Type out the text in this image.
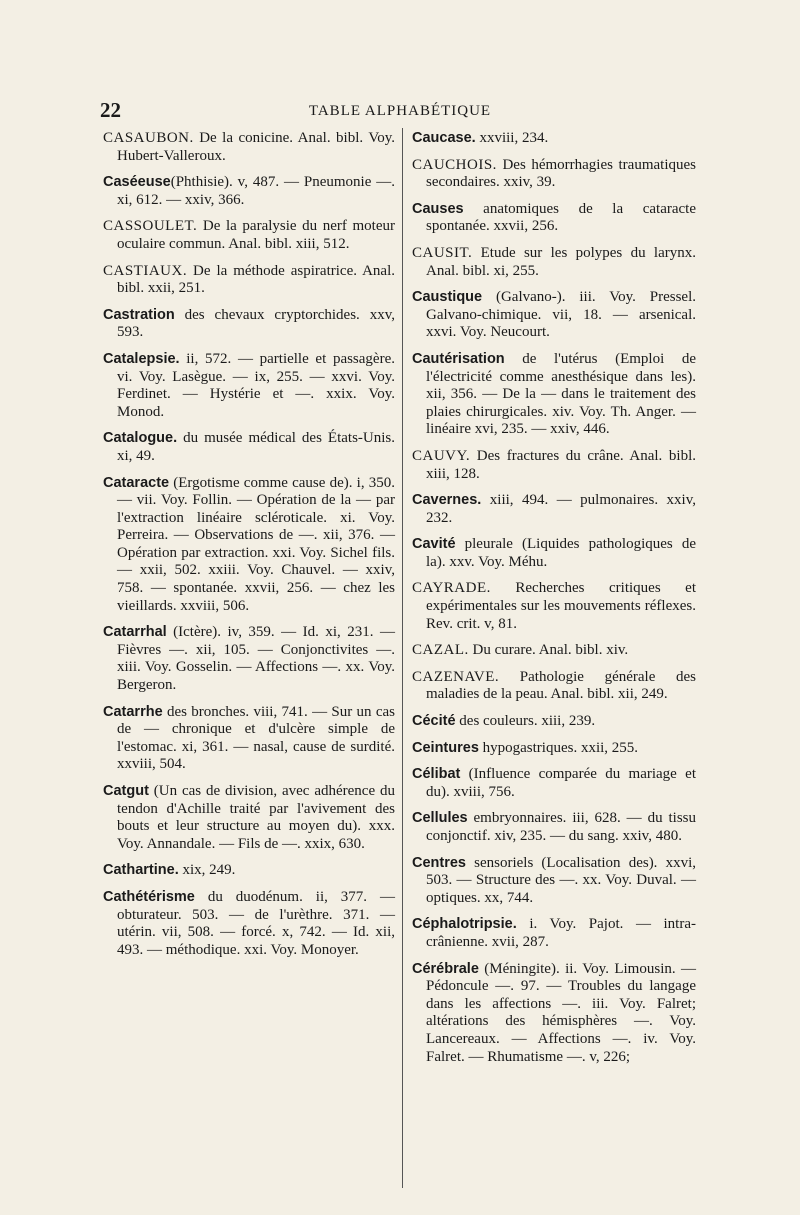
22	TABLE ALPHABÉTIQUE

CASAUBON. De la conicine. Anal. bibl. Voy. Hubert-Valleroux.

Caséeuse(Phthisie). v, 487. — Pneumonie —. xi, 612. — xxiv, 366.

CASSOULET. De la paralysie du nerf moteur oculaire commun. Anal. bibl. xiii, 512.

CASTIAUX. De la méthode aspiratrice. Anal. bibl. xxii, 251.

Castration des chevaux cryptorchides. xxv, 593.

Catalepsie. ii, 572. — partielle et passagère. vi. Voy. Lasègue. — ix, 255. — xxvi. Voy. Ferdinet. — Hystérie et —. xxix. Voy. Monod.

Catalogue. du musée médical des États-Unis. xi, 49.

Cataracte (Ergotisme comme cause de). i, 350. — vii. Voy. Follin. — Opération de la — par l'extraction linéaire scléroticale. xi. Voy. Perreira. — Observations de —. xii, 376. — Opération par extraction. xxi. Voy. Sichel fils. — xxii, 502. xxiii. Voy. Chauvel. — xxiv, 758. — spontanée. xxvii, 256. — chez les vieillards. xxviii, 506.

Catarrhal (Ictère). iv, 359. — Id. xi, 231. — Fièvres —. xii, 105. — Conjonctivites —. xiii. Voy. Gosselin. — Affections —. xx. Voy. Bergeron.

Catarrhe des bronches. viii, 741. — Sur un cas de — chronique et d'ulcère simple de l'estomac. xi, 361. — nasal, cause de surdité. xxviii, 504.

Catgut (Un cas de division, avec adhérence du tendon d'Achille traité par l'avivement des bouts et leur structure au moyen du). xxx. Voy. Annandale. — Fils de —. xxix, 630.

Cathartine. xix, 249.

Cathétérisme du duodénum. ii, 377. — obturateur. 503. — de l'urèthre. 371. — utérin. vii, 508. — forcé. x, 742. — Id. xii, 493. — méthodique. xxi. Voy. Monoyer.

Caucase. xxviii, 234.

CAUCHOIS. Des hémorrhagies traumatiques secondaires. xxiv, 39.

Causes anatomiques de la cataracte spontanée. xxvii, 256.

CAUSIT. Etude sur les polypes du larynx. Anal. bibl. xi, 255.

Caustique (Galvano-). iii. Voy. Pressel. Galvano-chimique. vii, 18. — arsenical. xxvi. Voy. Neucourt.

Cautérisation de l'utérus (Emploi de l'électricité comme anesthésique dans les). xii, 356. — De la — dans le traitement des plaies chirurgicales. xiv. Voy. Th. Anger. — linéaire xvi, 235. — xxiv, 446.

CAUVY. Des fractures du crâne. Anal. bibl. xiii, 128.

Cavernes. xiii, 494. — pulmonaires. xxiv, 232.

Cavité pleurale (Liquides pathologiques de la). xxv. Voy. Méhu.

CAYRADE. Recherches critiques et expérimentales sur les mouvements réflexes. Rev. crit. v, 81.

CAZAL. Du curare. Anal. bibl. xiv.

CAZENAVE. Pathologie générale des maladies de la peau. Anal. bibl. xii, 249.

Cécité des couleurs. xiii, 239.

Ceintures hypogastriques. xxii, 255.

Célibat (Influence comparée du mariage et du). xviii, 756.

Cellules embryonnaires. iii, 628. — du tissu conjonctif. xiv, 235. — du sang. xxiv, 480.

Centres sensoriels (Localisation des). xxvi, 503. — Structure des —. xx. Voy. Duval. — optiques. xx, 744.

Céphalotripsie. i. Voy. Pajot. — intra-crânienne. xvii, 287.

Cérébrale (Méningite). ii. Voy. Limousin. — Pédoncule —. 97. — Troubles du langage dans les affections —. iii. Voy. Falret; altérations des hémisphères —. Voy. Lancereaux. — Affections —. iv. Voy. Falret. — Rhumatisme —. v, 226;
